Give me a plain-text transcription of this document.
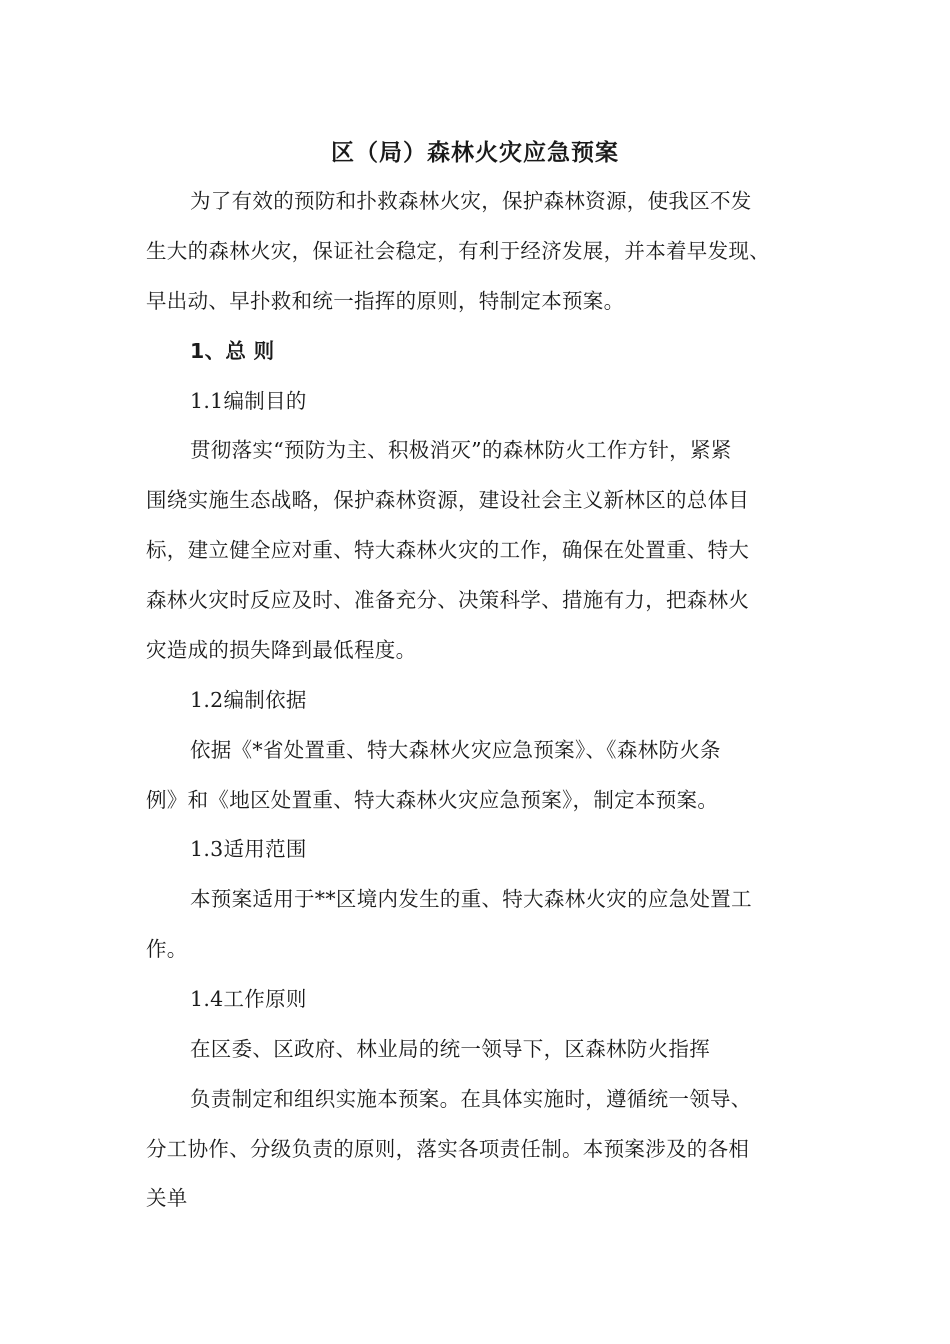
区（局）森林火灾应急预案
为了有效的预防和扑救森林火灾，保护森林资源，使我区不发
生大的森林火灾，保证社会稳定，有利于经济发展，并本着早发现、
早出动、早扑救和统一指挥的原则，特制定本预案。
1、总 则
1.1编制目的
贯彻落实“预防为主、积极消灭”的森林防火工作方针，紧紧
围绕实施生态战略，保护森林资源，建设社会主义新林区的总体目
标，建立健全应对重、特大森林火灾的工作，确保在处置重、特大
森林火灾时反应及时、准备充分、决策科学、措施有力，把森林火
灾造成的损失降到最低程度。
1.2编制依据
依据《*省处置重、特大森林火灾应急预案》、《森林防火条
例》和《地区处置重、特大森林火灾应急预案》，制定本预案。
1.3适用范围
本预案适用于**区境内发生的重、特大森林火灾的应急处置工
作。
1.4工作原则
在区委、区政府、林业局的统一领导下，区森林防火指挥
负责制定和组织实施本预案。在具体实施时，遵循统一领导、
分工协作、分级负责的原则，落实各项责任制。本预案涉及的各相
关单
